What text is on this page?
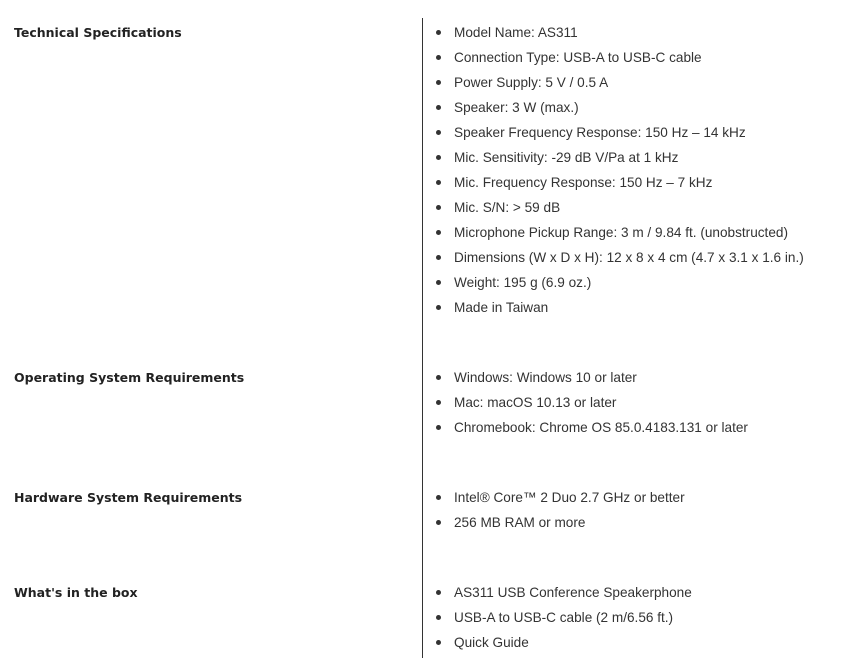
Technical Specifications	Model Name: AS311
Connection Type: USB-A to USB-C cable
Power Supply: 5 V / 0.5 A
Speaker: 3 W (max.)
Speaker Frequency Response: 150 Hz – 14 kHz
Mic. Sensitivity: -29 dB V/Pa at 1 kHz
Mic. Frequency Response: 150 Hz – 7 kHz
Mic. S/N: > 59 dB
Microphone Pickup Range: 3 m / 9.84 ft. (unobstructed)
Dimensions (W x D x H): 12 x 8 x 4 cm (4.7 x 3.1 x 1.6 in.)
Weight: 195 g (6.9 oz.)
Made in Taiwan
Operating System Requirements	Windows: Windows 10 or later
Mac: macOS 10.13 or later
Chromebook: Chrome OS 85.0.4183.131 or later
Hardware System Requirements	Intel® Core™ 2 Duo 2.7 GHz or better
256 MB RAM or more
What's in the box	AS311 USB Conference Speakerphone
USB-A to USB-C cable (2 m/6.56 ft.)
Quick Guide
